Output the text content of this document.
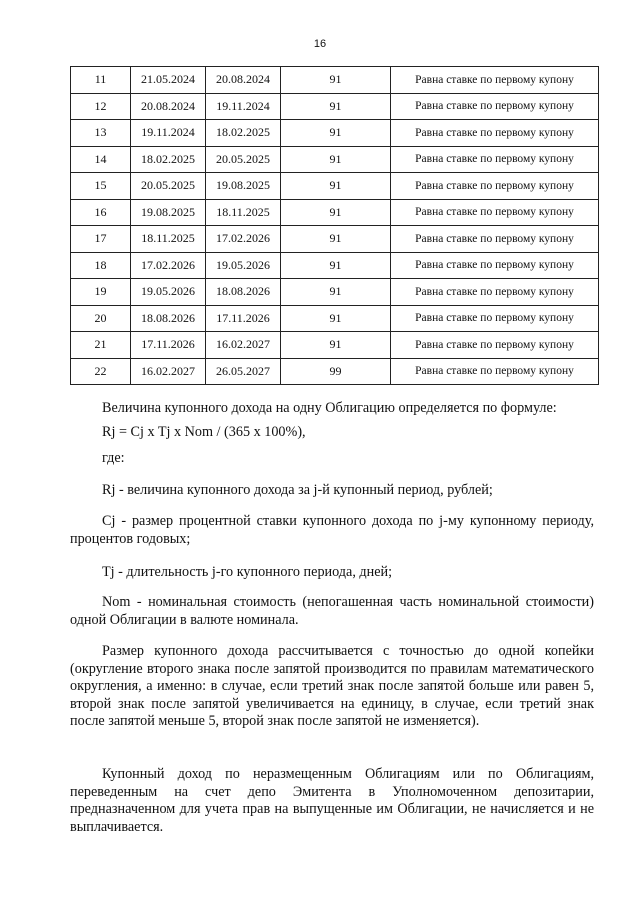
16
11	21.05.2024	20.08.2024	91	Равна ставке по первому купону
12	20.08.2024	19.11.2024	91	Равна ставке по первому купону
13	19.11.2024	18.02.2025	91	Равна ставке по первому купону
14	18.02.2025	20.05.2025	91	Равна ставке по первому купону
15	20.05.2025	19.08.2025	91	Равна ставке по первому купону
16	19.08.2025	18.11.2025	91	Равна ставке по первому купону
17	18.11.2025	17.02.2026	91	Равна ставке по первому купону
18	17.02.2026	19.05.2026	91	Равна ставке по первому купону
19	19.05.2026	18.08.2026	91	Равна ставке по первому купону
20	18.08.2026	17.11.2026	91	Равна ставке по первому купону
21	17.11.2026	16.02.2027	91	Равна ставке по первому купону
22	16.02.2027	26.05.2027	99	Равна ставке по первому купону

Величина купонного дохода на одну Облигацию определяется по формуле:

Rj = Cj x Tj x Nom / (365 x 100%),

где:

Rj - величина купонного дохода за j-й купонный период, рублей;

Cj - размер процентной ставки купонного дохода по j-му купонному периоду, процентов годовых;

Tj - длительность j-го купонного периода, дней;

Nom - номинальная стоимость (непогашенная часть номинальной стоимости) одной Облигации в валюте номинала.

Размер купонного дохода рассчитывается с точностью до одной копейки (округление второго знака после запятой производится по правилам математического округления, а именно: в случае, если третий знак после запятой больше или равен 5, второй знак после запятой увеличивается на единицу, в случае, если третий знак после запятой меньше 5, второй знак после запятой не изменяется).

Купонный доход по неразмещенным Облигациям или по Облигациям, переведенным на счет депо Эмитента в Уполномоченном депозитарии, предназначенном для учета прав на выпущенные им Облигации, не начисляется и не выплачивается.
